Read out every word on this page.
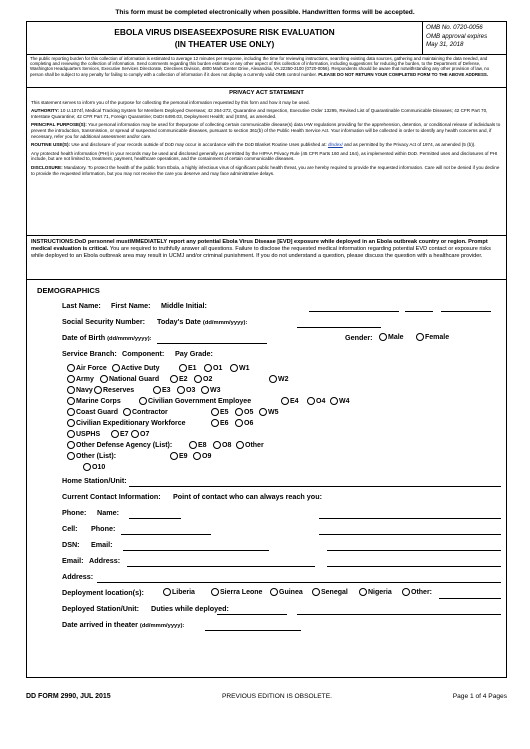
This form must be completed electronically when possible. Handwritten forms will be accepted.
EBOLA VIRUS DISEASEEXPOSURE RISK EVALUATION
(IN THEATER USE ONLY)
OMB No. 0720-0056
OMB approval expires
May 31, 2018
The public reporting burden for this collection of information is estimated to average 12 minutes per response, including the time for reviewing instructions, searching existing data sources, gathering and maintaining the data needed, and completing and reviewing the collection of information. Send comments regarding this burden estimate or any other aspect of this collection of information, including suggestions for reducing the burden, to the Department of Defense, Washington Headquarters Services, Executive Services Directorate, Directives Division, 4800 Mark Center Drive, Alexandria, VA 22350-3100 (0720-0056). Respondents should be aware that notwithstanding any other provision of law, no person shall be subject to any penalty for failing to comply with a collection of information if it does not display a currently valid OMB control number. PLEASE DO NOT RETURN YOUR COMPLETED FORM TO THE ABOVE ADDRESS.
PRIVACY ACT STATEMENT
This statement serves to inform you of the purpose for collecting the personal information requested by this form and how it may be used.
AUTHORITY: 10 U.1074f, Medical Tracking System for Members Deployed Overseas; 42 264-272, Quarantine and Inspection, Executive Order 13295, Revised List of Quarantinable Communicable Diseases; 42 CFR Part 70, Interstate Quarantine; 42 CFR Part 71, Foreign Quarantine; DoDI 6490.03, Deployment Health; and (SSN), as amended.
PRINCIPAL PURPOSE(S): Your personal information may be used for thepurpose of collecting certain communicable disease(s) data IAW regulations providing for the apprehension, detention, or conditional release of individuals to prevent the introduction, transmission, or spread of suspected communicable diseases, pursuant to section 361(b) of the Public Health Service Act. Your information will be collected in order to identify any health concerns and, if necessary, refer you for additional assessment and/or care.
ROUTINE USE(S): Use and disclosure of your records outside of DoD may occur in accordance with the DoD Blanket Routine Uses published at: dlndex/ and as permitted by the Privacy Act of 1974, as amended (5 (b)).
Any protected health information (PHI) in your records may be used and disclosed generally as permitted by the HIPAA Privacy Rule (45 CFR Parts 160 and 164), as implemented within DoD. Permitted uses and disclosures of PHI include, but are not limited to, treatment, payment, healthcare operations, and the containment of certain communicable diseases.
DISCLOSURE: Mandatory. To protect the health of the public from Ebola, a highly infectious virus of significant public health threat, you are hereby required to provide the requested information. Care will not be denied if you decline to provide the requested information, but you may not receive the care you deserve and may face administrative delays.
INSTRUCTIONS:DoD personnel mustIMMEDIATELY report any potential Ebola Virus Disease [EVD] exposure while deployed in an Ebola outbreak country or region. Prompt medical evaluation is critical. You are required to truthfully answer all questions. Failure to disclose the requested medical information regarding potential EVD contact or exposure risks while deployed to an Ebola outbreak area may result in UCMJ and/or criminal punishment. If you do not understand a question, please discuss the question with a healthcare provider.
DEMOGRAPHICS
Last Name: First Name: Middle Initial:
Social Security Number: Today's Date (dd/mmm/yyyy):
Date of Birth (dd/mmm/yyyy):	Gender:	Male	Female
Service Branch: Component: Pay Grade:
Air Force	Active Duty	E1	O1	W1
Army	National Guard	E2	O2	W2
Navy	Reserves	E3	O3	W3
Marine Corps	Civilian Government Employee	E4	O4	W4
Coast Guard	Contractor	E5	O5	W5
Civilian Expeditionary Workforce	E6	O6
USPHS	E7	O7
Other Defense Agency (List):	E8	O8	Other
Other (List):	E9	O9
O10
Home Station/Unit:
Current Contact Information: Point of contact who can always reach you:
Phone: Name:
Cell: Phone:
DSN: Email:
Email: Address:
Address:
Deployment location(s):	Liberia	Sierra Leone	Guinea	Senegal	Nigeria	Other:
Deployed Station/Unit: Duties while deployed:
Date arrived in theater (dd/mmm/yyyy):
DD FORM 2990, JUL 2015	PREVIOUS EDITION IS OBSOLETE.	Page 1 of 4 Pages
